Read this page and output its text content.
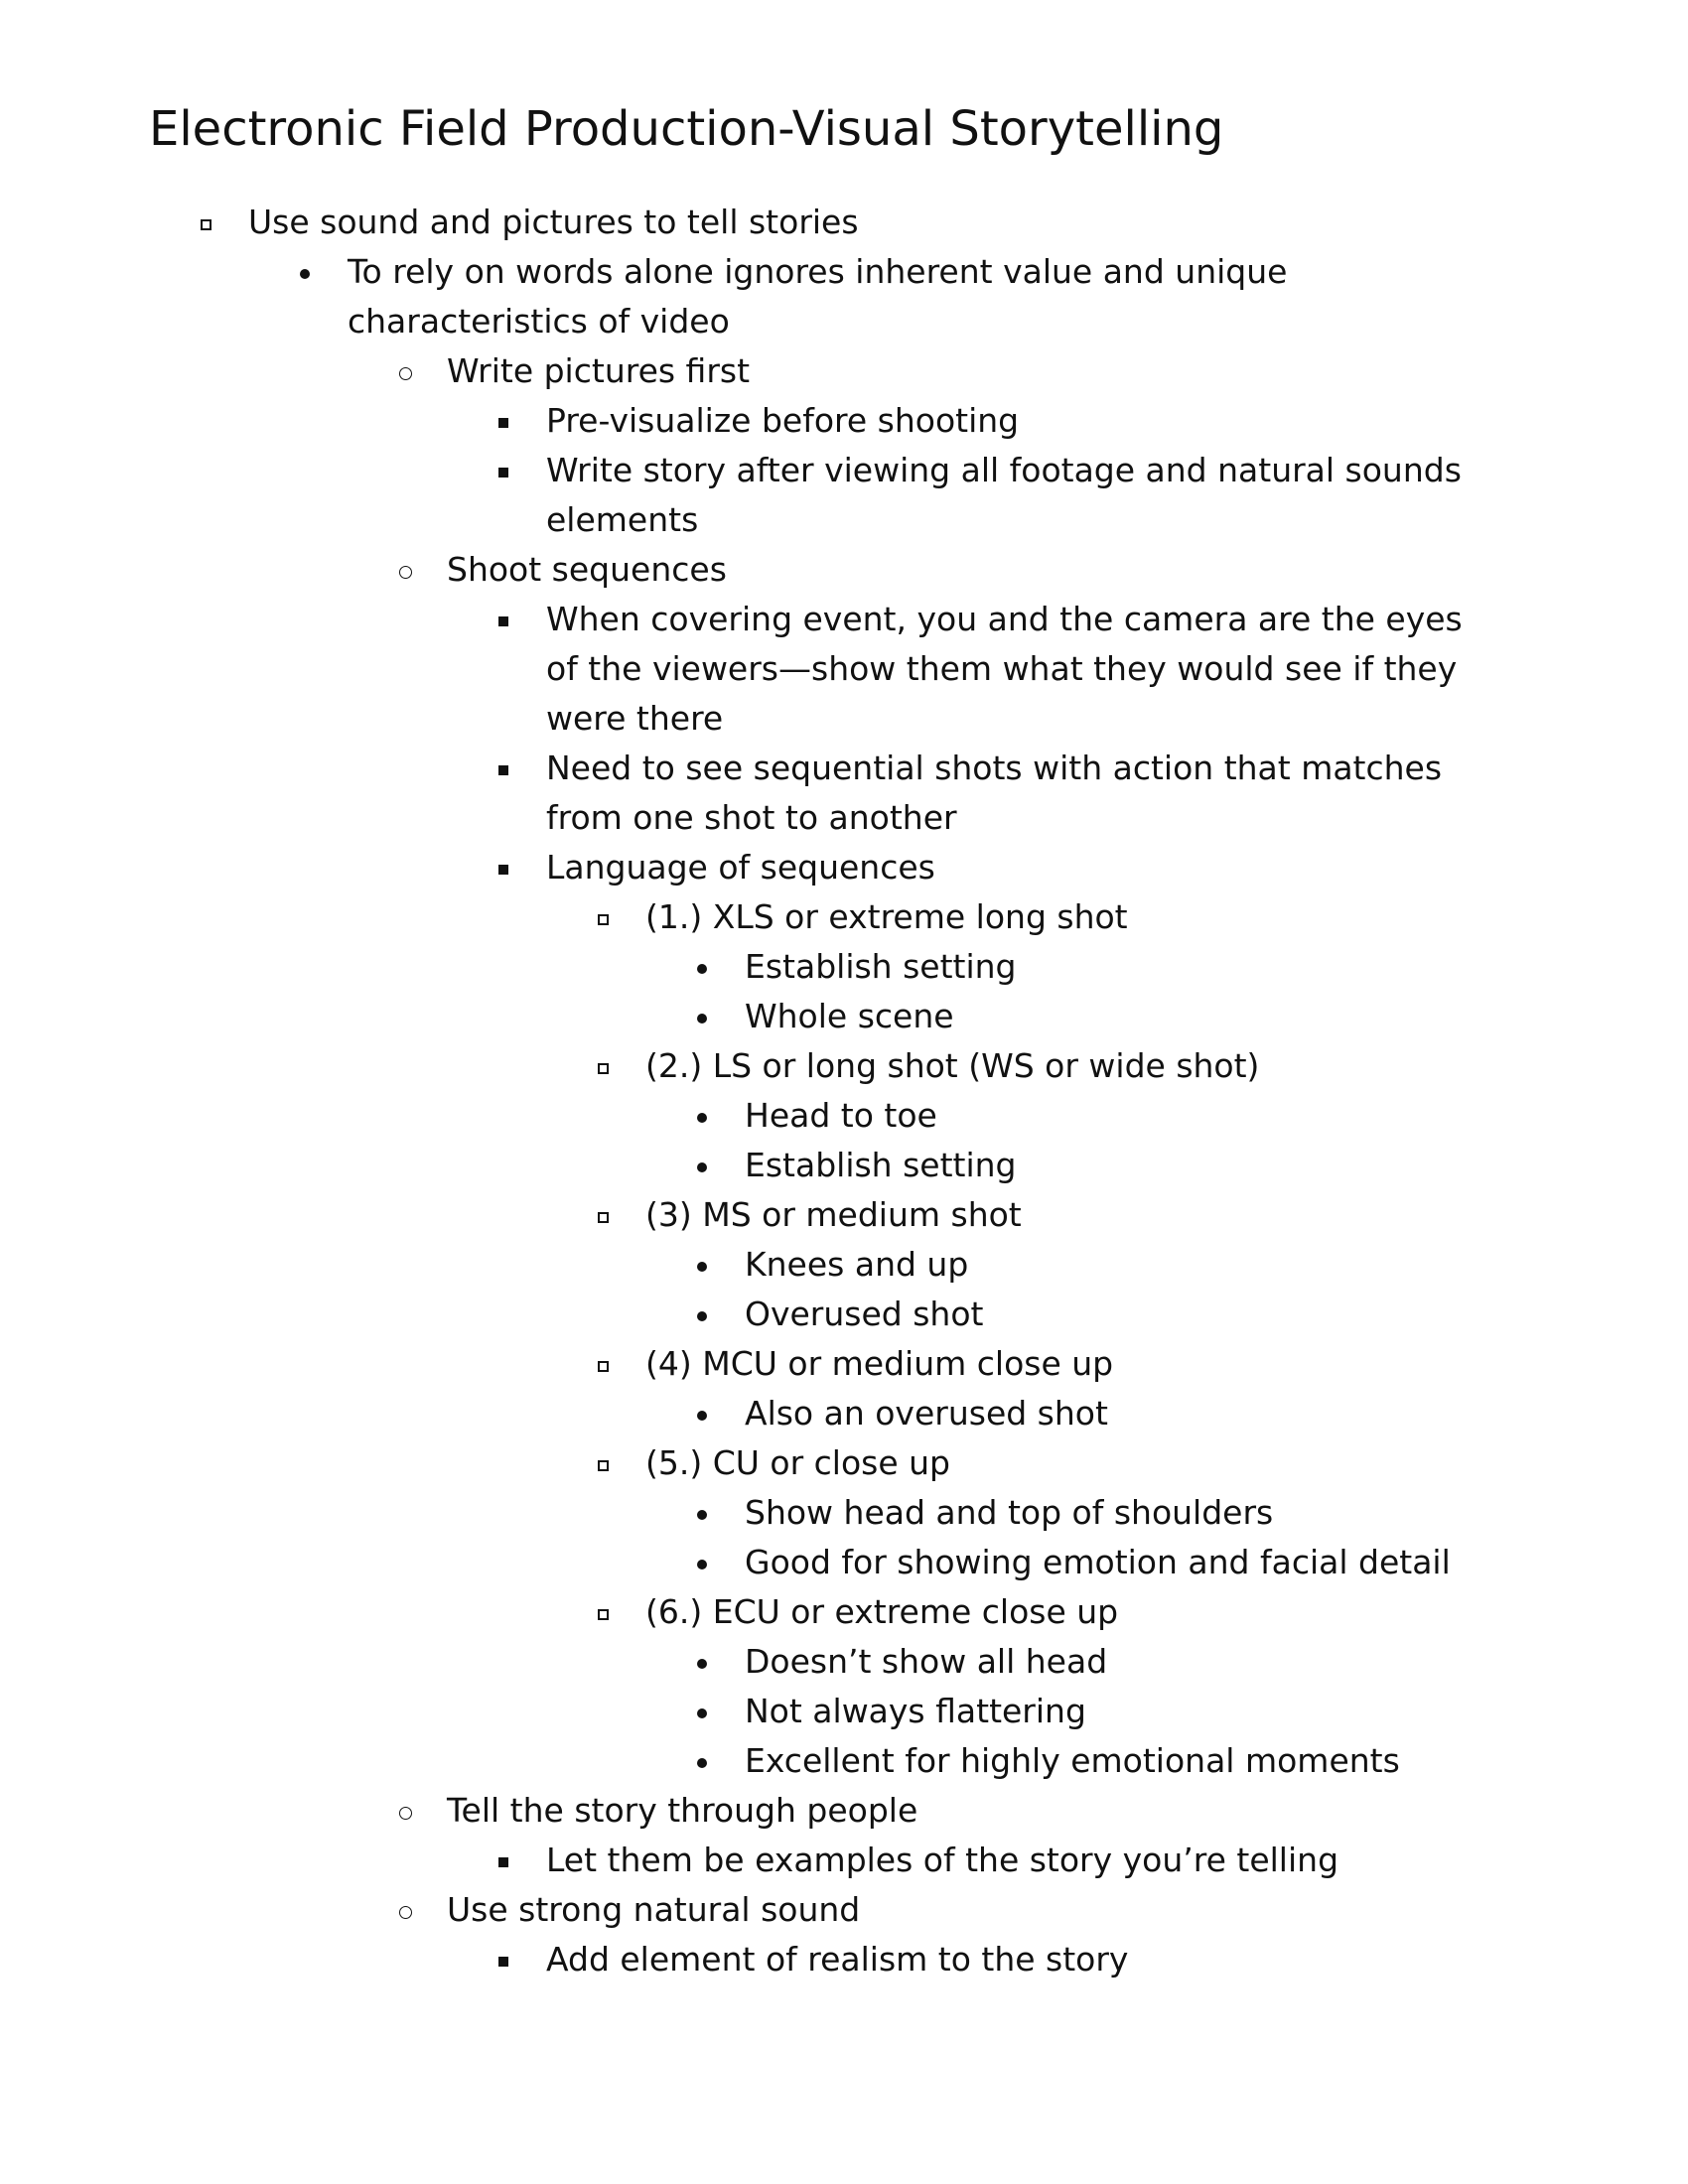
Electronic Field Production-Visual Storytelling
Use sound and pictures to tell stories
To rely on words alone ignores inherent value and unique
characteristics of video
Write pictures first
Pre-visualize before shooting
Write story after viewing all footage and natural sounds
elements
Shoot sequences
When covering event, you and the camera are the eyes
of the viewers—show them what they would see if they
were there
Need to see sequential shots with action that matches
from one shot to another
Language of sequences
(1.) XLS or extreme long shot
Establish setting
Whole scene
(2.) LS or long shot (WS or wide shot)
Head to toe
Establish setting
(3) MS or medium shot
Knees and up
Overused shot
(4) MCU or medium close up
Also an overused shot
(5.) CU or close up
Show head and top of shoulders
Good for showing emotion and facial detail
(6.) ECU or extreme close up
Doesn’t show all head
Not always flattering
Excellent for highly emotional moments
Tell the story through people
Let them be examples of the story you’re telling
Use strong natural sound
Add element of realism to the story
